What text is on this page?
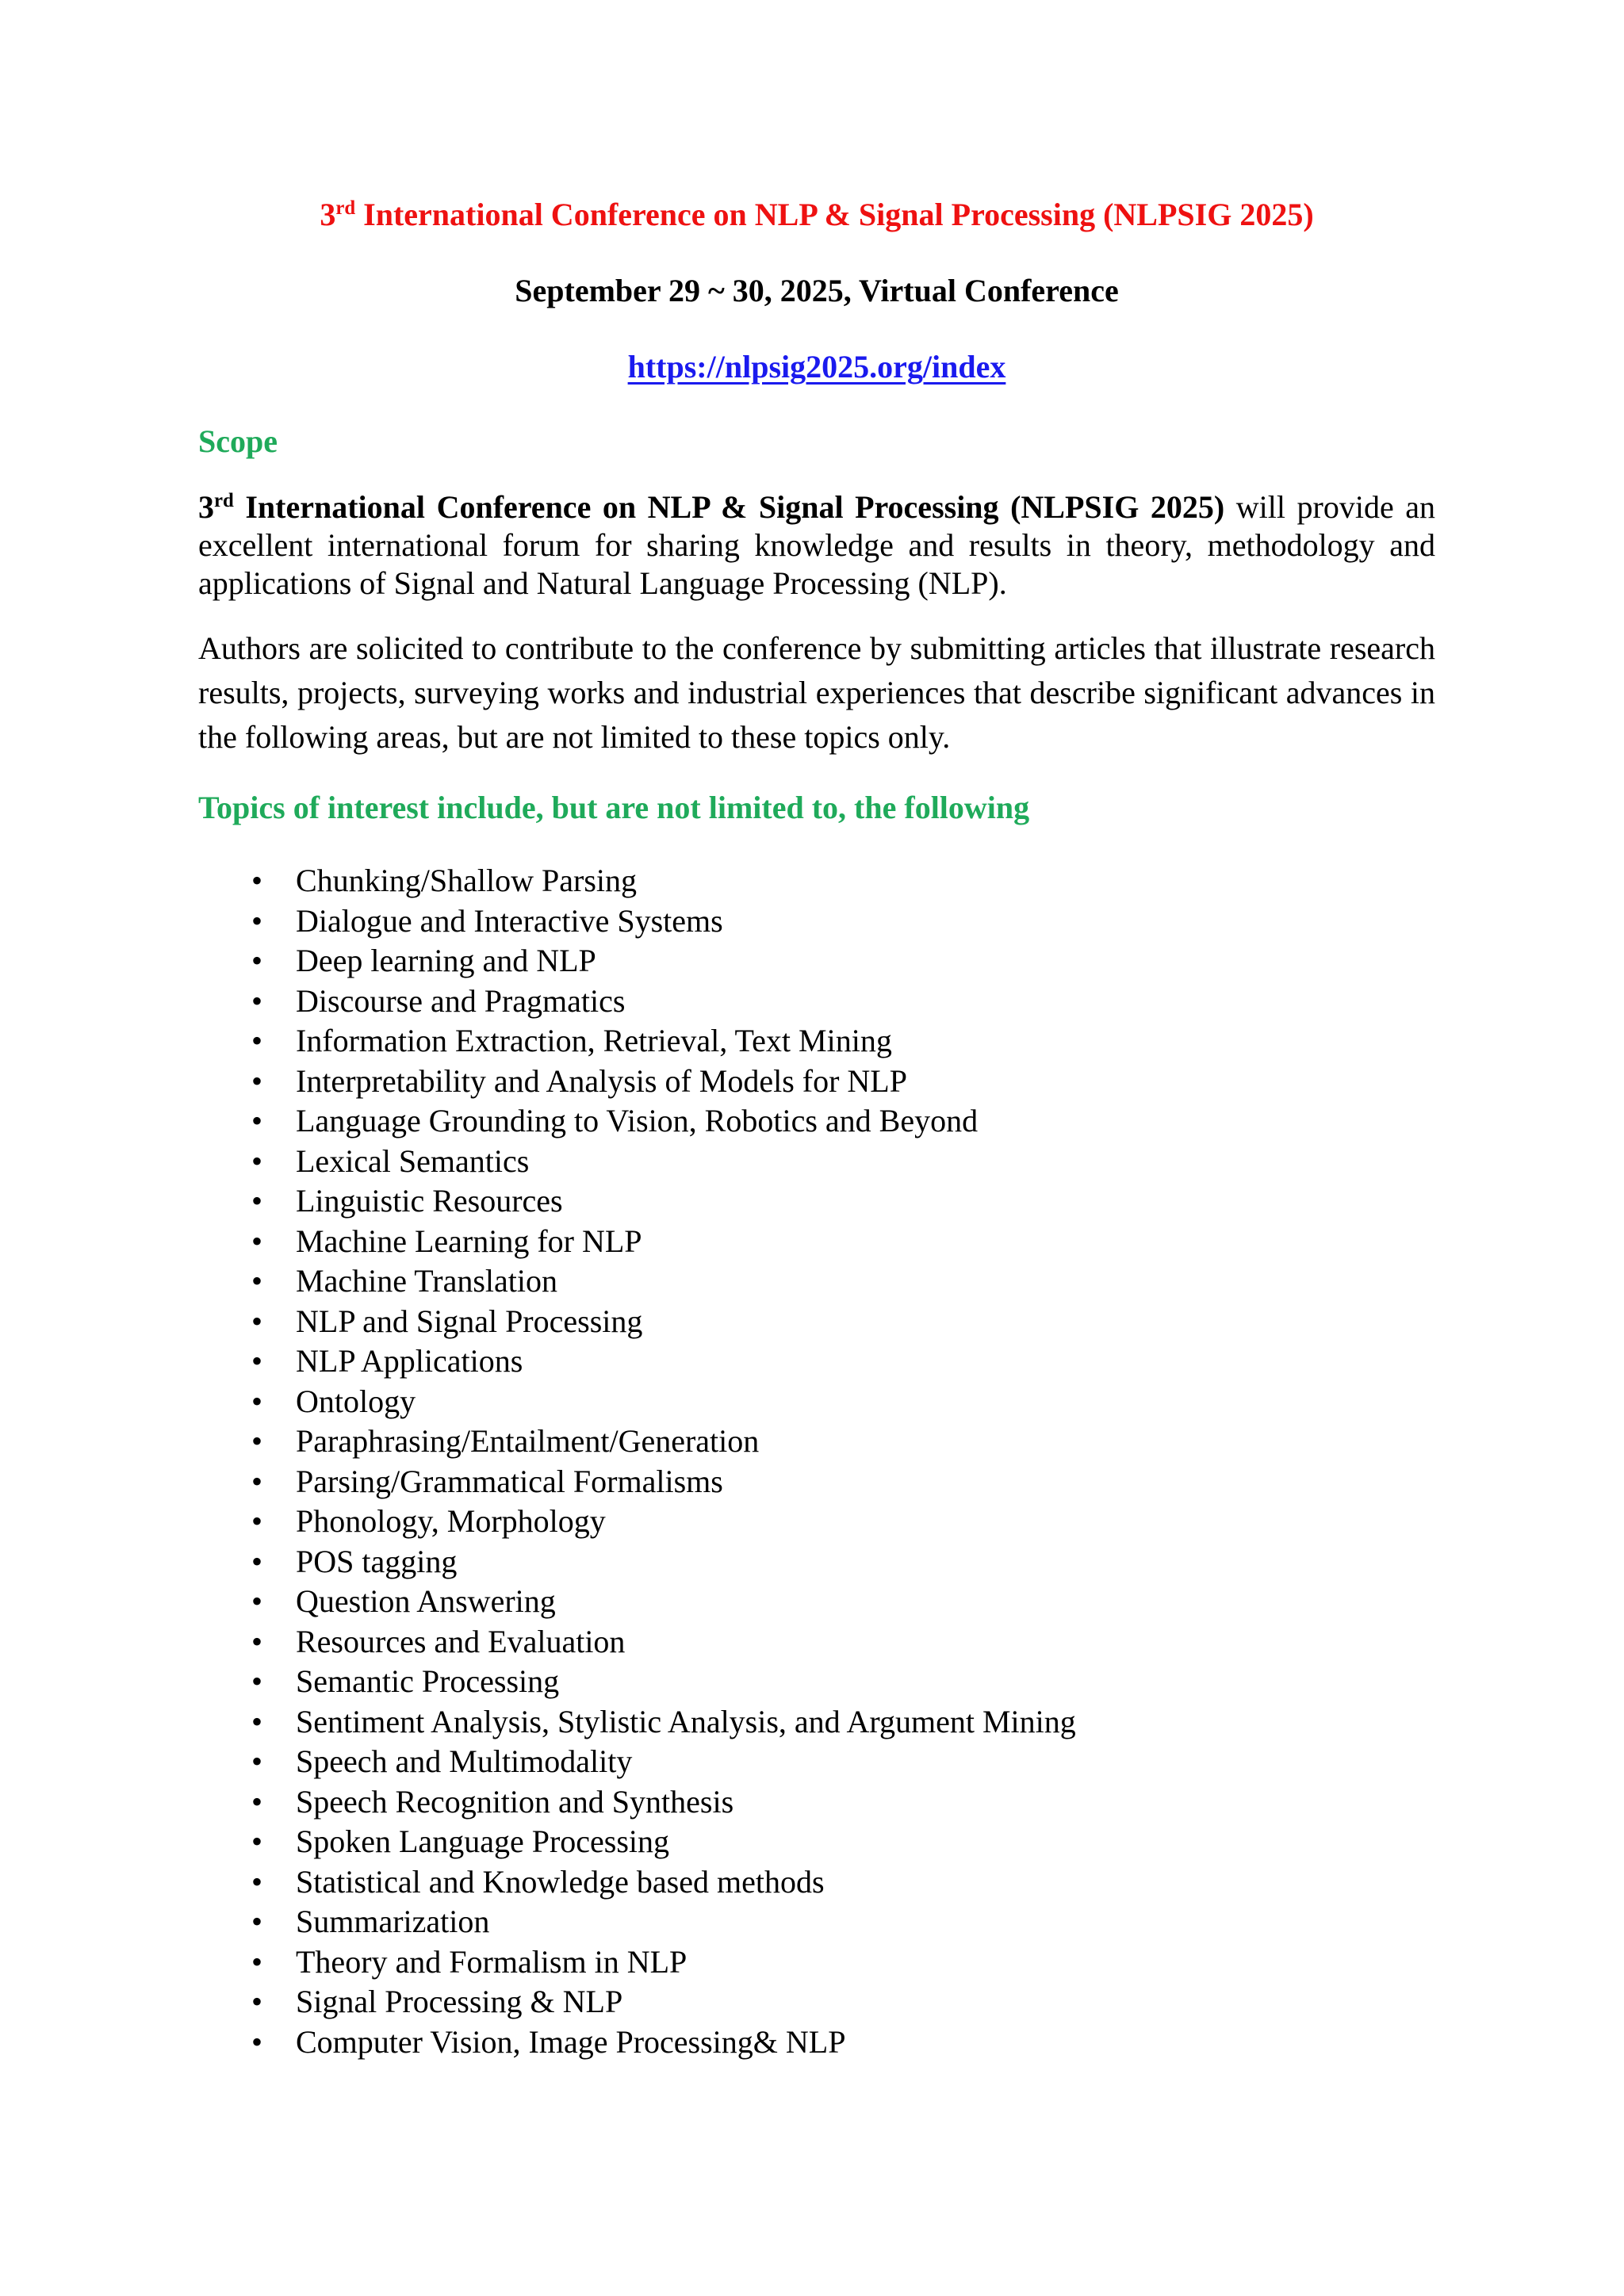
3rd International Conference on NLP & Signal Processing (NLPSIG 2025)
September 29 ~ 30, 2025, Virtual Conference
https://nlpsig2025.org/index
Scope
3rd International Conference on NLP & Signal Processing (NLPSIG 2025) will provide an excellent international forum for sharing knowledge and results in theory, methodology and applications of Signal and Natural Language Processing (NLP).
Authors are solicited to contribute to the conference by submitting articles that illustrate research results, projects, surveying works and industrial experiences that describe significant advances in the following areas, but are not limited to these topics only.
Topics of interest include, but are not limited to, the following
• Chunking/Shallow Parsing
• Dialogue and Interactive Systems
• Deep learning and NLP
• Discourse and Pragmatics
• Information Extraction, Retrieval, Text Mining
• Interpretability and Analysis of Models for NLP
• Language Grounding to Vision, Robotics and Beyond
• Lexical Semantics
• Linguistic Resources
• Machine Learning for NLP
• Machine Translation
• NLP and Signal Processing
• NLP Applications
• Ontology
• Paraphrasing/Entailment/Generation
• Parsing/Grammatical Formalisms
• Phonology, Morphology
• POS tagging
• Question Answering
• Resources and Evaluation
• Semantic Processing
• Sentiment Analysis, Stylistic Analysis, and Argument Mining
• Speech and Multimodality
• Speech Recognition and Synthesis
• Spoken Language Processing
• Statistical and Knowledge based methods
• Summarization
• Theory and Formalism in NLP
• Signal Processing & NLP
• Computer Vision, Image Processing& NLP
